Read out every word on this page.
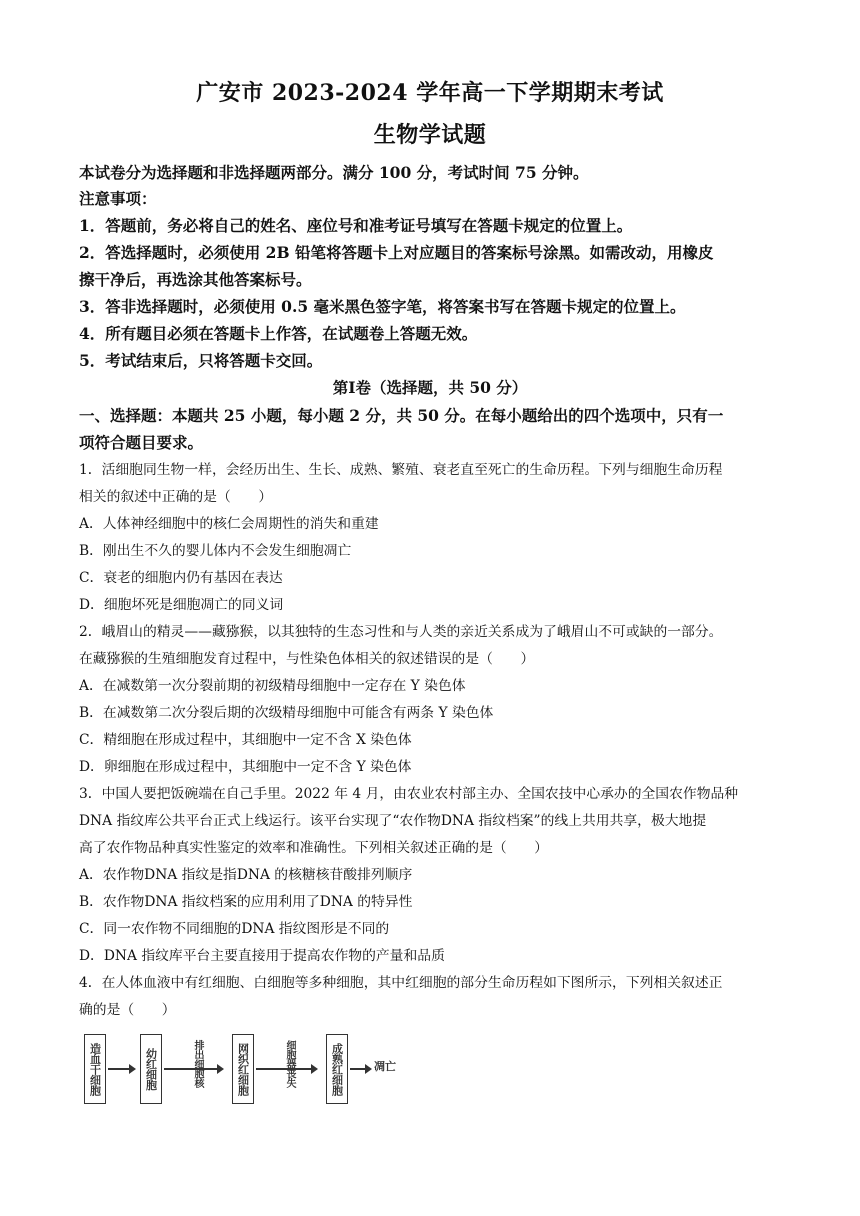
广安市 2023-2024 学年高一下学期期末考试
生物学试题
本试卷分为选择题和非选择题两部分。满分 100 分，考试时间 75 分钟。
注意事项：
1．答题前，务必将自己的姓名、座位号和准考证号填写在答题卡规定的位置上。
2．答选择题时，必须使用 2B 铅笔将答题卡上对应题目的答案标号涂黑。如需改动，用橡皮
擦干净后，再选涂其他答案标号。
3．答非选择题时，必须使用 0.5 毫米黑色签字笔，将答案书写在答题卡规定的位置上。
4．所有题目必须在答题卡上作答，在试题卷上答题无效。
5．考试结束后，只将答题卡交回。
第Ⅰ卷（选择题，共 50 分）
一、选择题：本题共 25 小题，每小题 2 分，共 50 分。在每小题给出的四个选项中，只有一
项符合题目要求。
1．活细胞同生物一样，会经历出生、生长、成熟、繁殖、衰老直至死亡的生命历程。下列与细胞生命历程
相关的叙述中正确的是（　　）
A．人体神经细胞中的核仁会周期性的消失和重建
B．刚出生不久的婴儿体内不会发生细胞凋亡
C．衰老的细胞内仍有基因在表达
D．细胞坏死是细胞凋亡的同义词
2．峨眉山的精灵——藏猕猴，以其独特的生态习性和与人类的亲近关系成为了峨眉山不可或缺的一部分。
在藏猕猴的生殖细胞发育过程中，与性染色体相关的叙述错误的是（　　）
A．在减数第一次分裂前期的初级精母细胞中一定存在 Y 染色体
B．在减数第二次分裂后期的次级精母细胞中可能含有两条 Y 染色体
C．精细胞在形成过程中，其细胞中一定不含 X 染色体
D．卵细胞在形成过程中，其细胞中一定不含 Y 染色体
3．中国人要把饭碗端在自己手里。2022 年 4 月，由农业农村部主办、全国农技中心承办的全国农作物品种
DNA 指纹库公共平台正式上线运行。该平台实现了“农作物DNA 指纹档案”的线上共用共享，极大地提
高了农作物品种真实性鉴定的效率和准确性。下列相关叙述正确的是（　　）
A．农作物DNA 指纹是指DNA 的核糖核苷酸排列顺序
B．农作物DNA 指纹档案的应用利用了DNA 的特异性
C．同一农作物不同细胞的DNA 指纹图形是不同的
D．DNA 指纹库平台主要直接用于提高农作物的产量和品质
4．在人体血液中有红细胞、白细胞等多种细胞，其中红细胞的部分生命历程如下图所示，下列相关叙述正
确的是（　　）
造血干细胞	幼红细胞	排出细胞核	网织红细胞	细胞器丧失	成熟红细胞	凋亡
